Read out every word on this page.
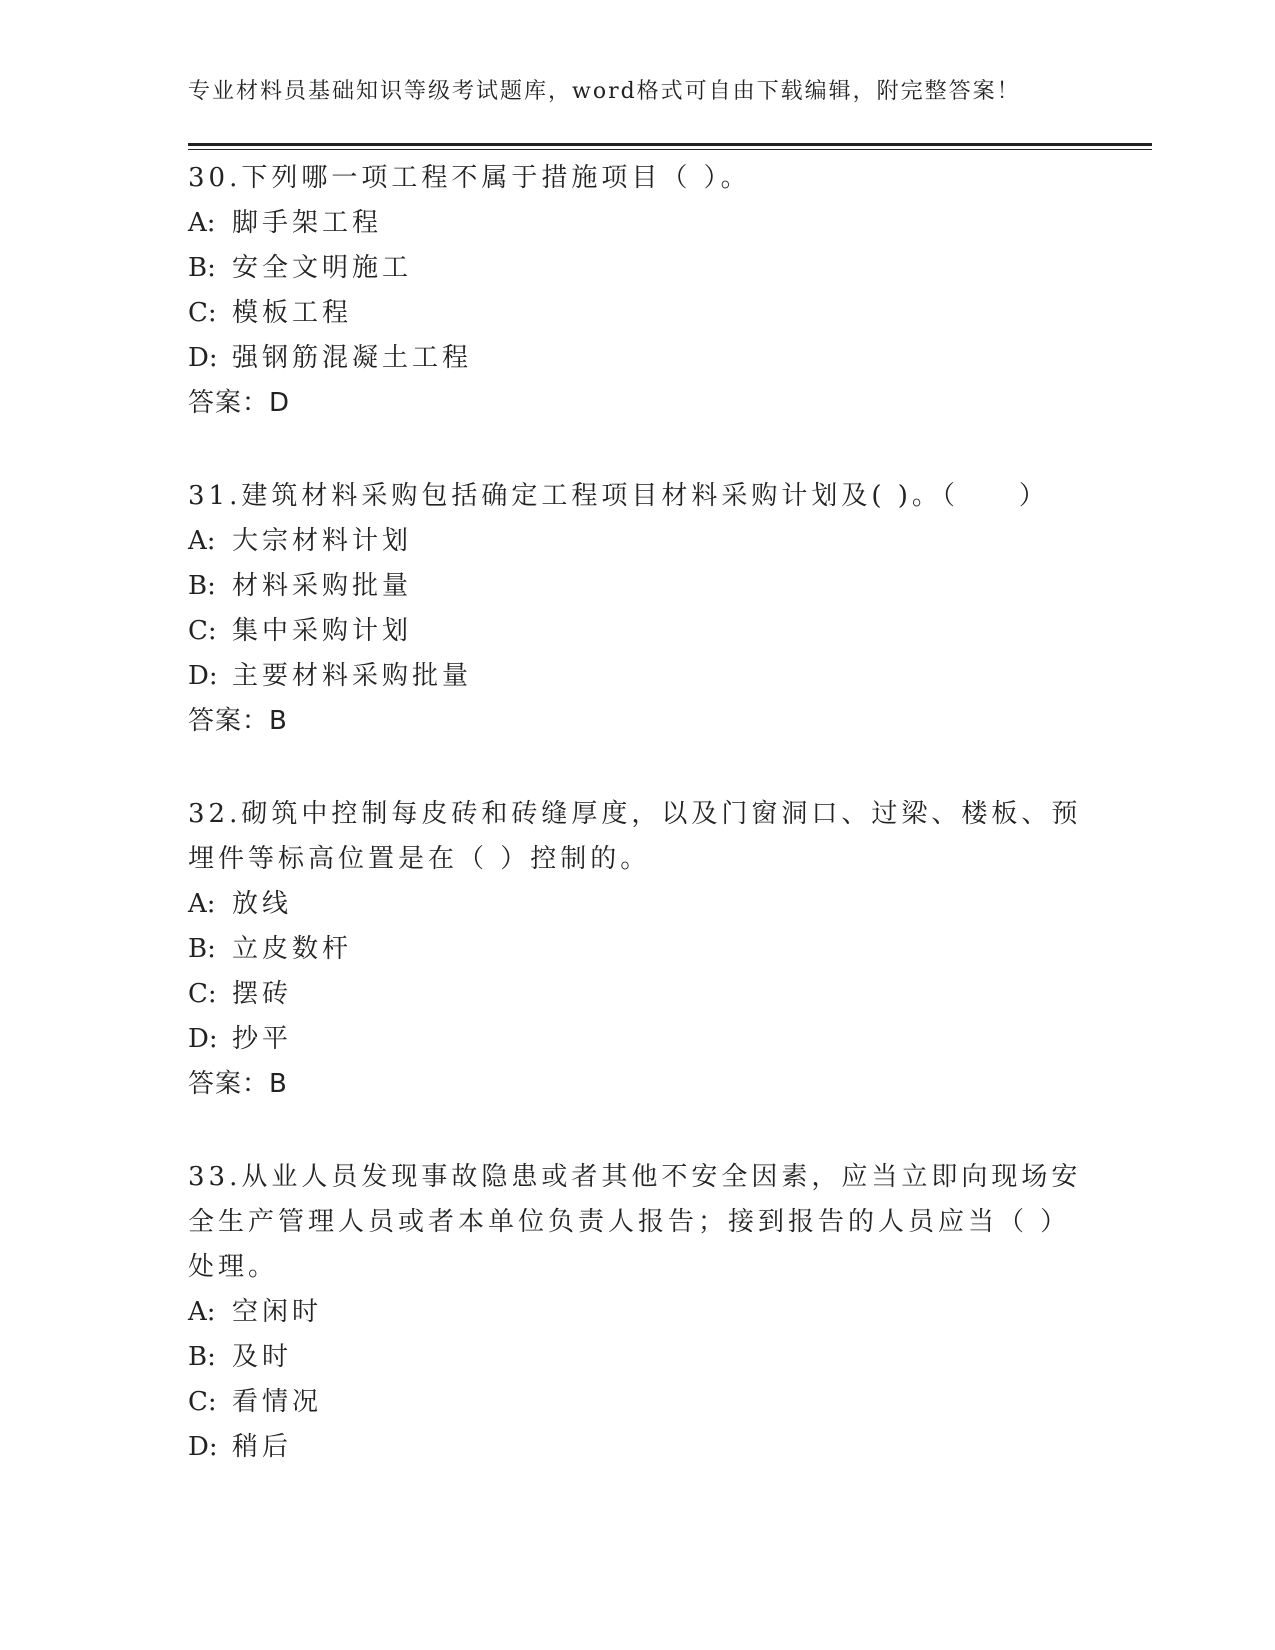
专业材料员基础知识等级考试题库，word格式可自由下载编辑，附完整答案！

30.下列哪一项工程不属于措施项目（ ）。

A: 脚手架工程

B: 安全文明施工

C: 模板工程

D: 强钢筋混凝土工程

答案：D

31.建筑材料采购包括确定工程项目材料采购计划及( )。（　　）

A: 大宗材料计划

B: 材料采购批量

C: 集中采购计划

D: 主要材料采购批量

答案：B

32.砌筑中控制每皮砖和砖缝厚度，以及门窗洞口、过梁、楼板、预埋件等标高位置是在（ ）控制的。

A: 放线

B: 立皮数杆

C: 摆砖

D: 抄平

答案：B

33.从业人员发现事故隐患或者其他不安全因素，应当立即向现场安全生产管理人员或者本单位负责人报告；接到报告的人员应当（ ）处理。

A: 空闲时

B: 及时

C: 看情况

D: 稍后
